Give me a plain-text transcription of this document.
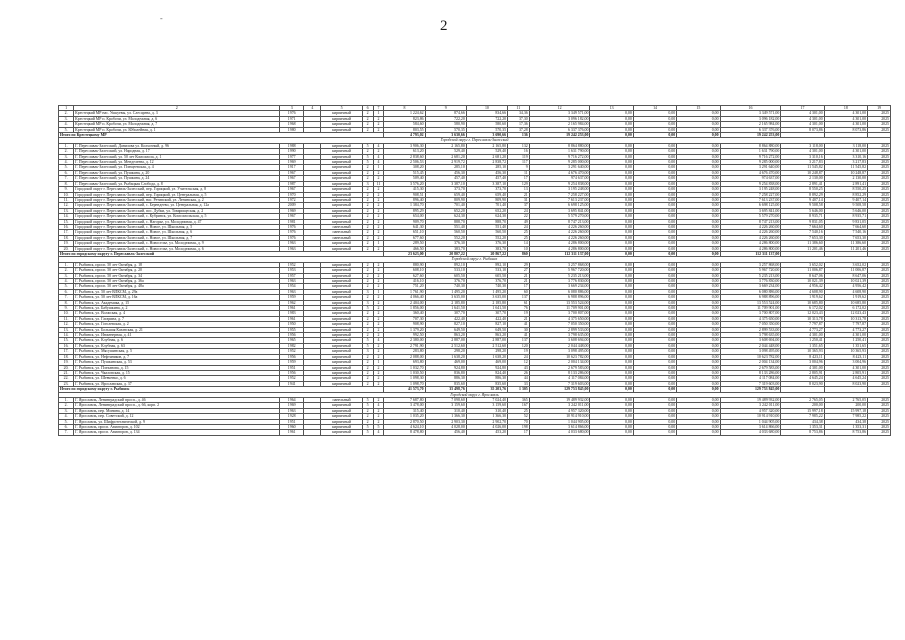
-	2
1	2	3	4	5	6	7	8	9	10	11	12	13	14	15	16	17	18	19
2.	Крестецкий МР нас. Ушкуевы, ул. Слесарева, д. 3	1976		кирпичный	2	1	1 224,62	874,66	834,66	34,36	3 349 571,00	0,00	0,00	0,00	3 349 571,00	4 301,00	4 301,00	2025
3.	Крестецкий МР п. Кробочи, ул. Молодежная, д. 6	1971		кирпичный	2	2	823,86	722,20	722,20	37,30	3 096 182,00	0,00	0,00	0,00	3 096 182,00	4 301,00	4 301,00	2025
4.	Крестецкий МР п. Кробочи, ул. Молодежная, д. 7	1968		кирпичный	2	2	584,60	580,90	580,60	17,36	2 165 984,00	0,00	0,00	0,00	2 165 984,00	4 301,00	4 301,00	2025
5.	Крестецкий МР п. Кробочи, ул. Юбилейная, д. 1	1980		кирпичный	2	2	803,55	570,35	570,35	37,28	6 337 376,00	0,00	0,00	0,00	6 337 376,00	8 073,86	8 073,86	2025
Итого по Крестецкому МР							4 793,02	3 630,66	3 690,66	136	19 242 253,00	0,00	0,00	0,00	19 242 253,00			
Городской округ г. Переславль-Залесский																		
1.	Г. Переславль-Залесский, Данилова ул. Колхозный, д. 96	1988		кирпичный	5	4	3 906,30	2 165,80	2 165,80	132	8 864 880,00	0,00	0,00	0,00	8 864 880,00	3 118,00	3 118,00	2025
2.	Г. Переславль-Залесский, ул. Народная, д. 17	1990		кирпичный	2	2	613,20	529,40	529,40	16	1 631 790,00	0,00	0,00	0,00	1 631 790,00	4 301,00	4 301,00	2025
3.	Г. Переславль-Залесский, ул. 50 лет Комсомола, д. 1	1977		кирпичный	5	4	2 838,60	2 681,20	2 681,20	119	9 716 272,00	0,00	0,00	0,00	9 716 272,00	3 310,16	3 310,16	2025
4.	Г. Переславль-Залесский, ул. Менделеева, д. 12	1969		кирпичный	5	4	2 506,53	2 919,72	2 838,72	117	9 285 000,00	0,00	0,00	0,00	9 285 000,00	3 217,83	3 217,83	2025
5.	Г. Переславль-Залесский, ул. Плещеевская, д. 4	1917		кирпичный	2	1	308,20	285,10	285,10	9	3 291 640,00	0,00	0,00	0,00	3 291 640,00	11 545,82	11 545,82	2025
6.	Г. Переславль-Залесский, ул. Пушкина, д. 20	1967		кирпичный	2	2	515,45	456,30	456,30	11	4 676 470,00	0,00	0,00	0,00	4 676 470,00	10 248,87	10 248,87	2025
7.	Г. Переславль-Залесский, ул. Пушкина, д. 24	1967		кирпичный	2	2	509,40	457,40	457,40	17	974 637,00	0,00	0,00	0,00	974 637,00	2 130,00	2 130,00	2025
8.	Г. Переславль-Залесский, ул. Рыбацкая Слобода, д. 8	1987		кирпичный	3	11	3 576,20	3 387,10	3 387,10	129	9 254 838,00	0,00	0,00	0,00	9 254 838,00	2 891,41	2 891,41	2025
9.	Городской округ г. Переславль-Залесский, пер. Горицкий, ул. Учительская, д. 8	1967		кирпичный	2	2	415,30	373,70	373,70	13	3 195 248,00	0,00	0,00	0,00	3 195 248,00	8 550,25	8 550,25	2025
10.	Городской округ г. Переславль-Залесский, пер. Горицкий, ул. Центральная, д. 5	1970		кирпичный	2	2	908,51	659,40	659,40	21	7 258 227,00	0,00	0,00	0,00	7 258 227,00	8 892,29	8 852,29	2025
11.	Городской округ г. Переславль-Залесский, нас. Ретивский, ул. Ленинская, д. 2	1972		кирпичный	2	2	896,40	809,90	809,90	31	7 613 237,00	0,00	0,00	0,00	7 613 237,00	9 407,14	9 407,14	2025
12.	Городской округ г. Переславль-Залесский, с. Берендеево, ул. Центральная, д. 12а	2009		кирпичный	2	2	1 384,70	701,40	701,40	37	6 698 125,00	0,00	0,00	0,00	6 698 125,00	9 508,58	9 508,58	2025
13.	Городской округ г. Переславль-Залесский, пос. Дубки, ул. Товарищеская, д. 2	1969		кирпичный	2	2	895,29	652,20	652,20	24	3 695 841,00	0,00	0,00	0,00	3 695 841,00	5 646,00	5 646,00	2025
14.	Городской округ г. Переславль-Залесский, с. Кубринск, ул. Комсомольская, д. 5	1967		кирпичный	2	2	654,00	624,30	624,30	22	5 579 270,00	0,00	0,00	0,00	5 579 270,00	8 935,71	8 935,71	2025
15.	Городской округ г. Переславль-Залесский, с. Нагорье, ул. Молодежная, д. 47	1981		кирпичный	2	2	909,70	888,70	888,70	49	8 747 213,00	0,00	0,00	0,00	8 747 213,00	9 831,05	9 831,05	2025
16.	Городской округ г. Переславль-Залесский, с. Новое, ул. Школьная, д. 5	1976		панельный	2	2	641,30	551,40	551,40	24	4 226 260,00	0,00	0,00	0,00	4 226 260,00	7 664,60	7 664,60	2025
17.	Городской округ г. Переславль-Залесский, с. Новое, ул. Школьная, д. 6	1976		панельный	2	2	651,10	560,50	560,50	25	4 226 260,00	0,00	0,00	0,00	4 226 260,00	7 540,16	7 540,16	2025
18.	Городской округ г. Переславль-Залесский, с. Новое, ул. Школьная, д. 7	1976		панельный	2	2	677,60	552,20	552,20	25	4 226 260,00	0,00	0,00	0,00	4 226 260,00	7 653,30	7 653,30	2025
19.	Городской округ г. Переславль-Залесский, с. Новоселье, ул. Молодежная, д. 9	1963		кирпичный	2	1	289,50	376,30	376,30	14	4 286 800,00	0,00	0,00	0,00	4 286 800,00	11 386,60	11 386,60	2025
20.	Городской округ г. Переславль-Залесский, с. Новоселье, ул. Молодежная, д. 6	1963		кирпичный	2	2	466,50	383,70	383,70	10	4 286 800,00	0,00	0,00	0,00	4 286 800,00	11 201,46	11 201,46	2025
Итого по городскому округу г. Переславль-Залесский							23 623,00	20 807,22	20 867,22	860	112 311 137,00	0,00	0,00	0,00	112 311 137,00			
Городской округ г. Рыбинск																		
1.	Г. Рыбинск, просп. 50 лет Октября, д. 18	1952		кирпичный	2	2	880,90	892,10	892,10	29	3 257 868,00	0,00	0,00	0,00	3 257 868,00	3 652,02	3 652,02	2025
2.	Г. Рыбинск, просп. 50 лет Октября, д. 20	1953		кирпичный	2	2	608,10	533,10	533,10	27	5 967 720,00	0,00	0,00	0,00	5 967 720,00	11 006,87	11 006,87	2025
3.	Г. Рыбинск, просп. 50 лет Октября, д. 34	1957		кирпичный	2	2	627,60	605,50	605,50	21	5 235 213,00	0,00	0,00	0,00	5 235 213,00	8 647,06	8 647,06	2025
4.	Г. Рыбинск, просп. 50 лет Октября, д. 36а	1963		кирпичный	2	2	416,10	376,70	376,70	21	3 776 830,00	0,00	0,00	0,00	3 776 830,00	10 021,39	10 021,39	2025
5.	Г. Рыбинск, просп. 50 лет Октября, д. 48а	1954		кирпичный	2	2	751,20	740,30	740,30	17	3 669 234,00	0,00	0,00	0,00	3 669 234,00	4 956,42	4 956,42	2025
6.	Г. Рыбинск, ул. 50 лет ВЛКСМ, д. 29а	1963		кирпичный	3	1	1 761,90	1 495,20	1 495,20	60	6 080 886,00	0,00	0,00	0,00	6 080 886,00	4 608,90	4 608,90	2025
7.	Г. Рыбинск, ул. 50 лет ВЛКСМ, д. 16а	1959		кирпичный	2	2	4 066,40	3 635,00	3 635,00	137	6 988 896,00	0,00	0,00	0,00	6 988 896,00	1 919,62	1 919,62	2025
8.	Г. Рыбинск, ул. Академика, д. 15	1962		кирпичный	3	2	2 404,00	2 185,80	2 185,80	61	13 553 524,00	0,00	0,00	0,00	13 553 524,00	10 685,80	10 685,80	2025
9.	Г. Рыбинск, ул. Бабушкина, д. 2	1961		кирпичный	5	2	1 856,00	1 641,50	1 641,50	76	11 709 901,00	0,00	0,00	0,00	11 709 901,00	6 172,02	6 172,02	2025
10.	Г. Рыбинск, ул. Волжская, д. 4	1983		кирпичный	2	2	360,40	307,70	307,70	19	3 700 807,00	0,00	0,00	0,00	3 700 807,00	12 023,43	12 023,43	2025
11.	Г. Рыбинск, ул. Гагарина, д. 7	1961		кирпичный	2	2	707,30	422,40	422,40	21	4 375 650,00	0,00	0,00	0,00	4 375 650,00	10 313,78	10 313,78	2025
12.	Г. Рыбинск, ул. Гоголевская, д. 2	1950		кирпичный	2	2	908,90	827,10	827,10	41	7 050 350,00	0,00	0,00	0,00	7 050 350,00	7 797,87	7 797,87	2025
13.	Г. Рыбинск, ул. Большая Казанская, д. 21	1955		кирпичный	2	2	1 379,20	649,50	649,50	30	2 899 533,00	0,00	0,00	0,00	2 899 533,00	4 773,27	4 773,27	2025
14.	Г. Рыбинск, ул. Инженерная, д. 41	1956		кирпичный	2	2	992,50	863,20	863,20	41	3 798 635,00	0,00	0,00	0,00	3 798 635,00	4 301,00	4 301,00	2025
15.	Г. Рыбинск, ул. Клубная, д. 6	1965		кирпичный	5	4	2 380,00	2 887,00	2 887,00	137	3 608 694,00	0,00	0,00	0,00	3 608 694,00	1 250,41	1 250,41	2025
16.	Г. Рыбинск, ул. Клубная, д. 63	1982		кирпичный	5	2	2 791,90	2 512,60	2 512,60	120	2 044 448,00	0,00	0,00	0,00	2 044 448,00	1 351,65	1 351,65	2025
17.	Г. Рыбинск, ул. Мясушинская, д. 5	1952		кирпичный	3	2	283,80	298,20	298,20	19	3 098 495,00	0,00	0,00	0,00	3 098 495,00	10 365,93	10 365,93	2025
18.	Г. Рыбинск, ул. Нефтяников, д. 7	1956		кирпичный	2	2	2 088,00	1 638,20	1 638,20	24	10 623 782,00	0,00	0,00	0,00	10 623 782,00	8 423,11	8 423,11	2025
19.	Г. Рыбинск, ул. Пушкинская, д. 53	1959		кирпичный	2	1	693,80	469,00	469,00	12	2 004 134,00	0,00	0,00	0,00	2 004 134,00	3 004,96	3 004,96	2025
20.	Г. Рыбинск, ул. Плеханова, д. 15	1951		кирпичный	2	2	1 032,70	924,80	924,80	43	2 679 583,00	0,00	0,00	0,00	2 679 583,00	4 301,00	4 301,00	2025
21.	Г. Рыбинск, ул. Чкаловская, д. 15	1956		кирпичный	2	2	1 030,50	836,80	824,40	26	8 133 286,00	0,00	0,00	0,00	8 133 286,00	2 805,91	2 805,91	2025
22.	Г. Рыбинск, ул. Шевченко, д. 6	1952		кирпичный	2	2	1 098,30	886,30	886,30	44	4 117 084,00	0,00	0,00	0,00	4 117 084,00	4 645,24	4 645,24	2025
23.	Г. Рыбинск, ул. Ярославская, д. 37	1941		кирпичный	2	2	1 098,70	835,60	835,60	33	7 319 603,00	0,00	0,00	0,00	7 319 603,00	8 023,90	8 023,90	2025
Итого по городскому округу г. Рыбинск							41 573,70	35 498,76	35 203,76	1 305	129 753 845,00	0,00	0,00	0,00	129 753 845,00			
Городской округ г. Ярославль																		
1.	Г. Ярославль, Ленинградский просп., д. 46	1964		панельный	5	2	7 687,80	7 098,60	7 024,40	365	19 489 932,00	0,00	0,00	0,00	19 489 932,00	2 765,05	2 765,05	2025
2.	Г. Ярославль, Ленинградский просп., д. 66, корп. 2	1969		кирпичный	5	4	3 478,00	3 159,60	3 159,60	167	3 242 011,00	0,00	0,00	0,00	3 242 011,00	200,00	200,00	2025
3.	Г. Ярославль, пер. Минина, д. 14	1963		кирпичный	2	2	315,40	310,40	310,40	25	4 957 320,00	0,00	0,00	0,00	4 957 320,00	15 997,18	15 997,18	2025
4.	Г. Ярославль, пер. Советский, д. 12	1928		кирпичный	2	2	1 035,20	1 366,30	1 366,30	52	10 914 910,00	0,00	0,00	0,00	10 914 910,00	7 985,22	7 985,22	2025
5.	Г. Ярославль, ул. Шифротехнической, д. 9	1951		кирпичный	2	2	2 870,50	2 903,30	2 902,70	70	1 044 905,00	0,00	0,00	0,00	1 044 905,00	434,38	434,38	2025
6.	Г. Ярославль, просп. Авиаторов, д. 102	1960		кирпичный	5	5	4 624,10	4 028,00	4 026,00	198	3 614 866,00	0,00	0,00	0,00	3 614 866,00	1 353,31	1 353,31	2025
7.	Г. Ярославль, просп. Авиаторов, д. 134	1961		кирпичный	5	4	8 478,80	456,40	453,20	17	4 033 680,00	0,00	0,00	0,00	4 033 680,00	8 753,86	8 753,86	2025
